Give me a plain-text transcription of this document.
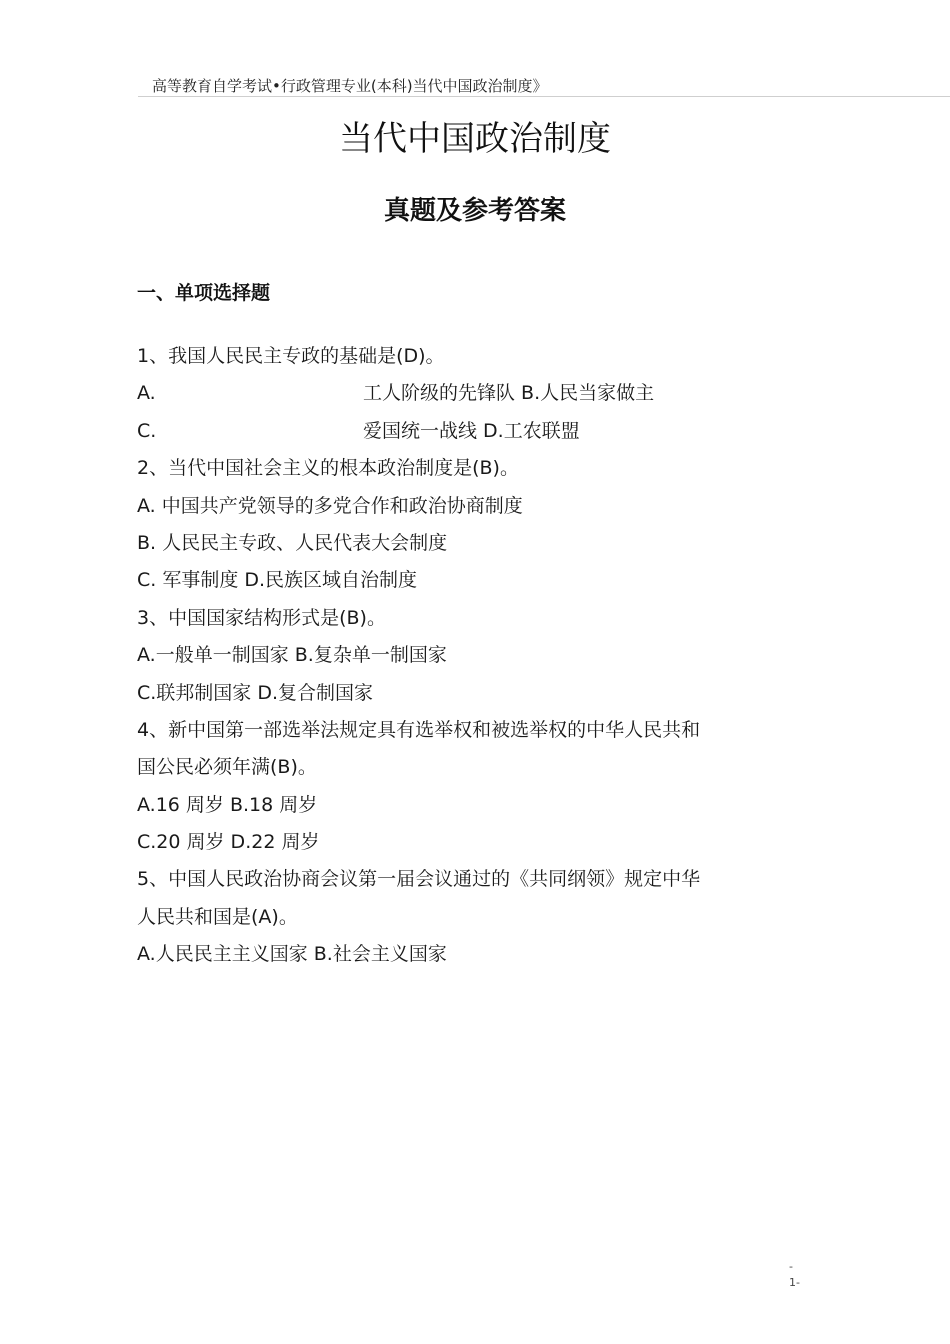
高等教育自学考试•行政管理专业(本科)当代中国政治制度》
当代中国政治制度
真题及参考答案
一、单项选择题
1、我国人民民主专政的基础是(D)。
A.	工人阶级的先锋队 B.人民当家做主
C.	爱国统一战线 D.工农联盟
2、当代中国社会主义的根本政治制度是(B)。
A. 中国共产党领导的多党合作和政治协商制度
B. 人民民主专政、人民代表大会制度
C. 军事制度 D.民族区域自治制度
3、中国国家结构形式是(B)。
A.一般单一制国家 B.复杂单一制国家
C.联邦制国家 D.复合制国家
4、新中国第一部选举法规定具有选举权和被选举权的中华人民共和
国公民必须年满(B)。
A.16 周岁 B.18 周岁
C.20 周岁 D.22 周岁
5、中国人民政治协商会议第一届会议通过的《共同纲领》规定中华
人民共和国是(A)。
A.人民民主主义国家 B.社会主义国家
-
1-
